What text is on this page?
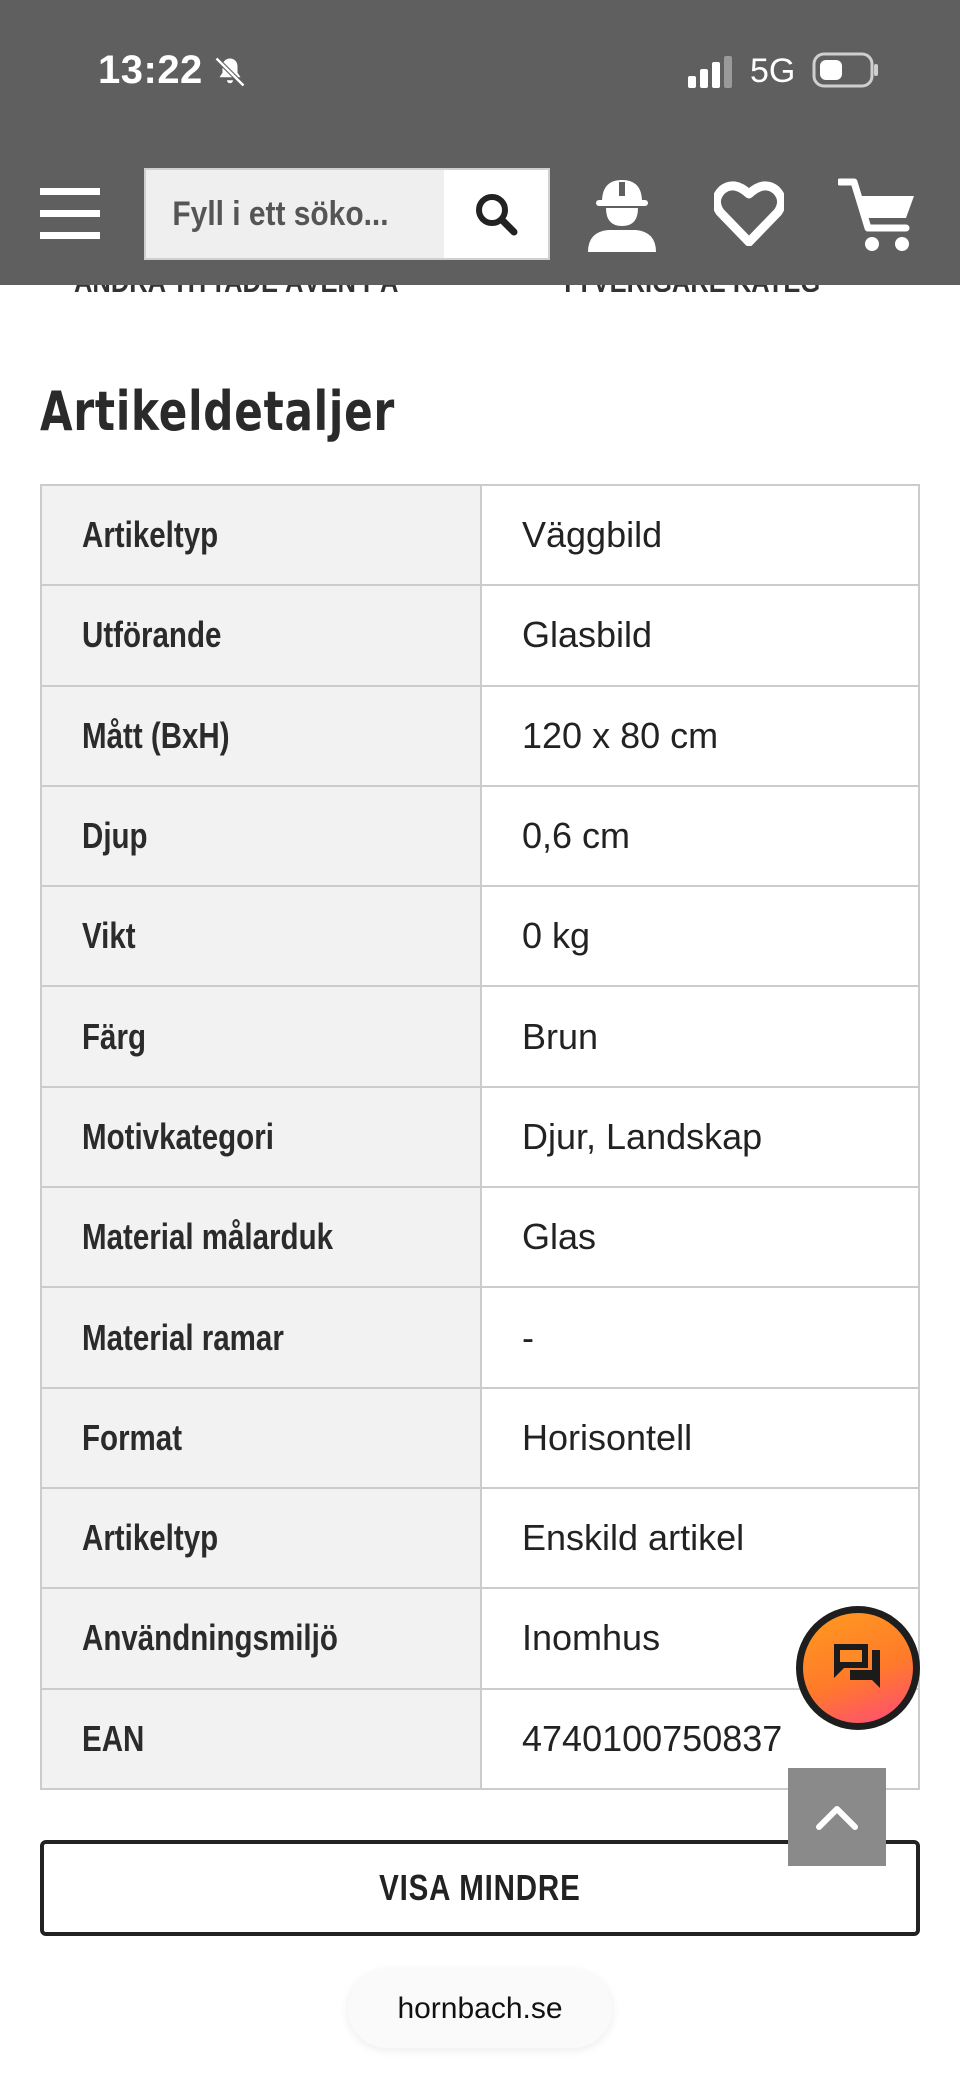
13:22	5G
Fyll i ett söko...
Artikeldetaljer
Artikeltyp	Väggbild
Utförande	Glasbild
Mått (BxH)	120 x 80 cm
Djup	0,6 cm
Vikt	0 kg
Färg	Brun
Motivkategori	Djur, Landskap
Material målarduk	Glas
Material ramar	-
Format	Horisontell
Artikeltyp	Enskild artikel
Användningsmiljö	Inomhus
EAN	4740100750837
VISA MINDRE
hornbach.se
